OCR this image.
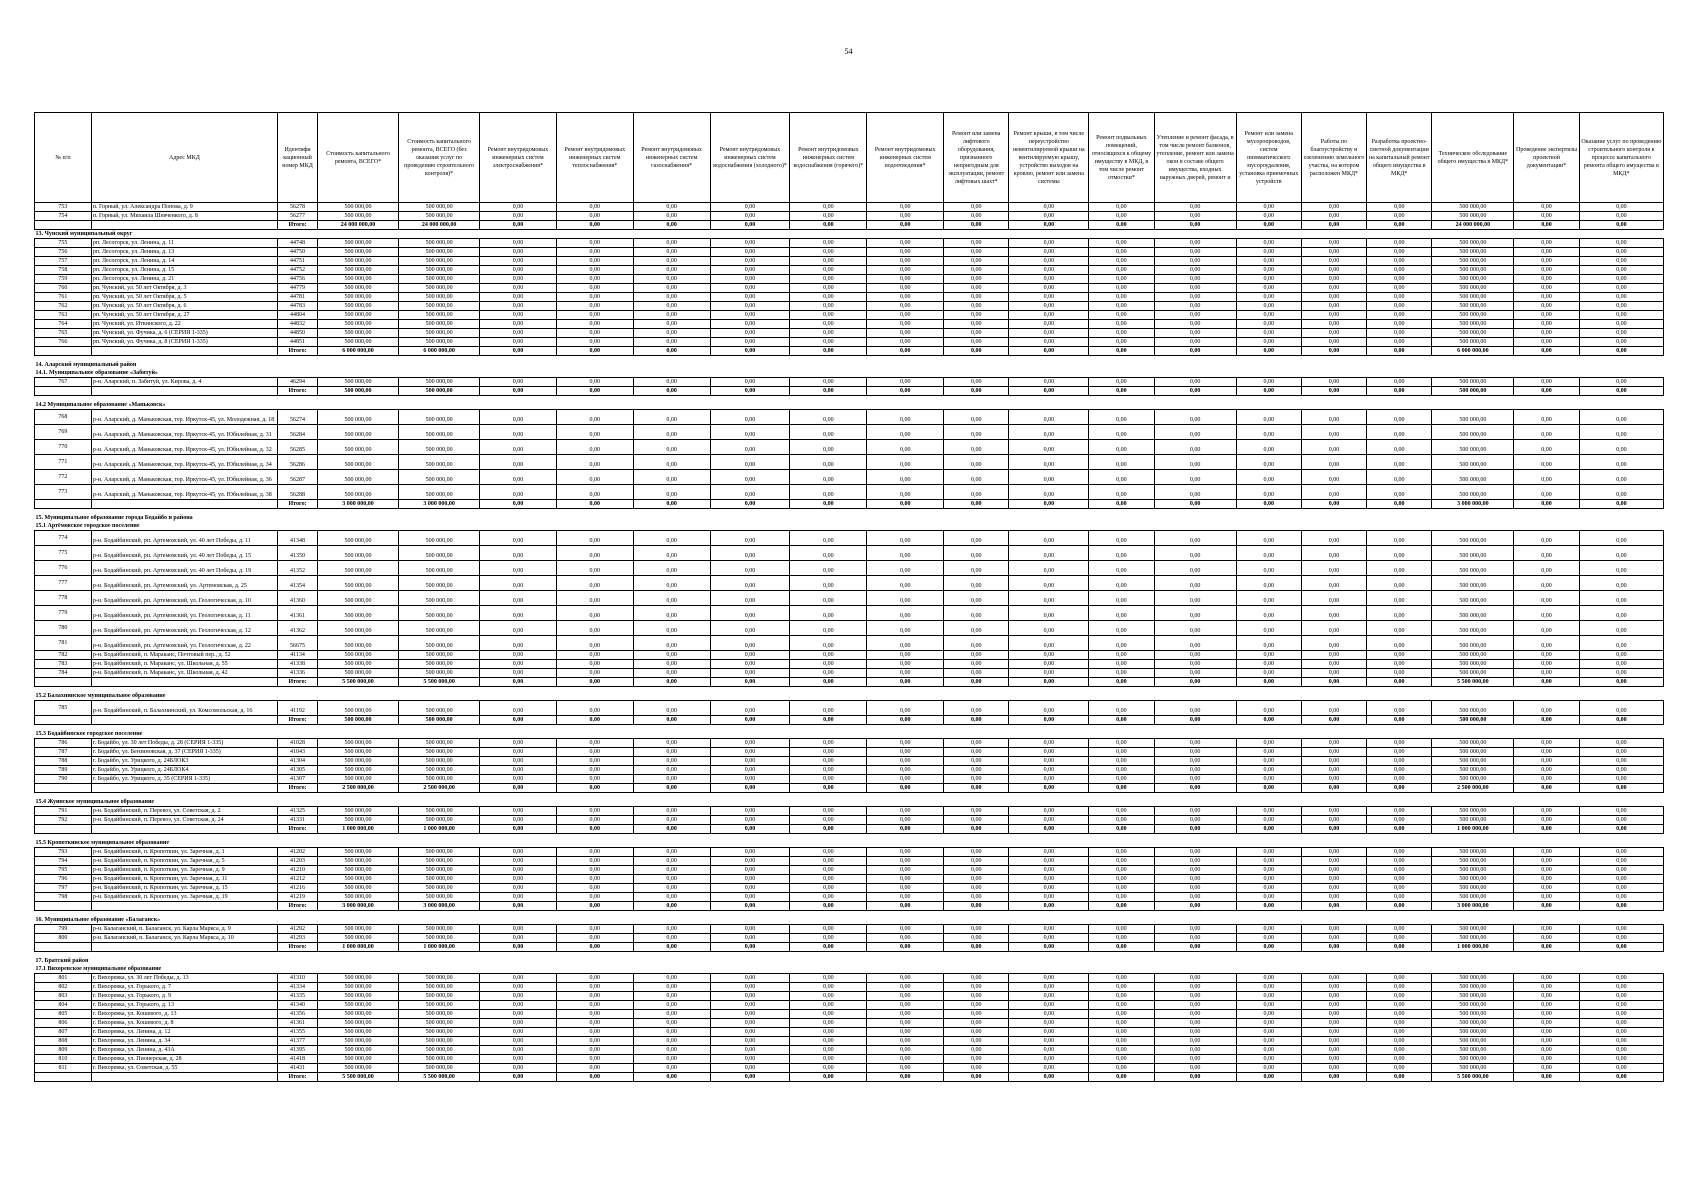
54
№ п/п	Адрес МКД	Идентифи кационный номер МКД	Стоимость капитального ремонта, ВСЕГО*	Стоимость капитального ремонта, ВСЕГО (без оказания услуг по проведению строительного контроля)*	Ремонт внутридомовых инженерных систем электроснабжения*	Ремонт внутридомовых инженерных систем теплоснабжения*	Ремонт внутридомовых инженерных систем газоснабжения*	Ремонт внутридомовых инженерных систем водоснабжения (холодного)*	Ремонт внутридомовых инженерных систем водоснабжения (горячего)*	Ремонт внутридомовых инженерных систем водоотведения*	Ремонт или замена лифтового оборудования, признанного непригодным для эксплуатации, ремонт лифтовых шахт*	Ремонт крыши, в том числе переустройство невентилируемой крыши на вентилируемую крышу, устройство выходов на кровлю, ремонт или замена системы	Ремонт подвальных помещений, относящихся к общему имуществу в МКД, в том числе ремонт отмостки*	Утепление и ремонт фасада, в том числе ремонт балконов, утепление, ремонт или замена окон в составе общего имущества, входных наружных дверей, ремонт и	Ремонт или замена мусоропроводов, систем пневматического мусороудаления, установка приемочных устройств	Работы по благоустройству и озеленению земельного участка, на котором расположен МКД*	Разработка проектно-сметной документации на капитальный ремонт общего имущества в МКД*	Техническое обследование общего имущества в МКД*	Проведение экспертизы проектной документации*	Оказание услуг по проведению строительного контроля в процессе капитального ремонта общего имущества в МКД*
753	п. Горный, ул. Александра Попова, д. 9	56278	500 000,00	500 000,00	0,00	0,00	0,00	0,00	0,00	0,00	0,00	0,00	0,00	0,00	0,00	0,00	0,00	500 000,00	0,00	0,00
754	п. Горный, ул. Михаила Шевченкого, д. 8	56277	500 000,00	500 000,00	0,00	0,00	0,00	0,00	0,00	0,00	0,00	0,00	0,00	0,00	0,00	0,00	0,00	500 000,00	0,00	0,00
		Итого:	24 000 000,00	24 000 000,00	0,00	0,00	0,00	0,00	0,00	0,00	0,00	0,00	0,00	0,00	0,00	0,00	0,00	24 000 000,00	0,00	0,00
13. Чунский муниципальный округ																				
755	рп. Лесогорск, ул. Ленина, д. 11	44748	500 000,00	500 000,00	0,00	0,00	0,00	0,00	0,00	0,00	0,00	0,00	0,00	0,00	0,00	0,00	0,00	500 000,00	0,00	0,00
756	рп. Лесогорск, ул. Ленина, д. 13	44750	500 000,00	500 000,00	0,00	0,00	0,00	0,00	0,00	0,00	0,00	0,00	0,00	0,00	0,00	0,00	0,00	500 000,00	0,00	0,00
757	рп. Лесогорск, ул. Ленина, д. 14	44751	500 000,00	500 000,00	0,00	0,00	0,00	0,00	0,00	0,00	0,00	0,00	0,00	0,00	0,00	0,00	0,00	500 000,00	0,00	0,00
758	рп. Лесогорск, ул. Ленина, д. 15	44752	500 000,00	500 000,00	0,00	0,00	0,00	0,00	0,00	0,00	0,00	0,00	0,00	0,00	0,00	0,00	0,00	500 000,00	0,00	0,00
759	рп. Лесогорск, ул. Ленина, д. 21	44756	500 000,00	500 000,00	0,00	0,00	0,00	0,00	0,00	0,00	0,00	0,00	0,00	0,00	0,00	0,00	0,00	500 000,00	0,00	0,00
760	рп. Чунский, ул. 50 лет Октября, д. 3	44779	500 000,00	500 000,00	0,00	0,00	0,00	0,00	0,00	0,00	0,00	0,00	0,00	0,00	0,00	0,00	0,00	500 000,00	0,00	0,00
761	рп. Чунский, ул. 50 лет Октября, д. 5	44781	500 000,00	500 000,00	0,00	0,00	0,00	0,00	0,00	0,00	0,00	0,00	0,00	0,00	0,00	0,00	0,00	500 000,00	0,00	0,00
762	рп. Чунский, ул. 50 лет Октября, д. 6	44783	500 000,00	500 000,00	0,00	0,00	0,00	0,00	0,00	0,00	0,00	0,00	0,00	0,00	0,00	0,00	0,00	500 000,00	0,00	0,00
763	рп. Чунский, ул. 50 лет Октября, д. 27	44804	500 000,00	500 000,00	0,00	0,00	0,00	0,00	0,00	0,00	0,00	0,00	0,00	0,00	0,00	0,00	0,00	500 000,00	0,00	0,00
764	рп. Чунский, ул. Иткинского, д. 22	44832	500 000,00	500 000,00	0,00	0,00	0,00	0,00	0,00	0,00	0,00	0,00	0,00	0,00	0,00	0,00	0,00	500 000,00	0,00	0,00
765	рп. Чунский, ул. Фучика, д. 6 (СЕРИЯ 1-335)	44850	500 000,00	500 000,00	0,00	0,00	0,00	0,00	0,00	0,00	0,00	0,00	0,00	0,00	0,00	0,00	0,00	500 000,00	0,00	0,00
766	рп. Чунский, ул. Фучика, д. 8 (СЕРИЯ 1-335)	44851	500 000,00	500 000,00	0,00	0,00	0,00	0,00	0,00	0,00	0,00	0,00	0,00	0,00	0,00	0,00	0,00	500 000,00	0,00	0,00
		Итого:	6 000 000,00	6 000 000,00	0,00	0,00	0,00	0,00	0,00	0,00	0,00	0,00	0,00	0,00	0,00	0,00	0,00	6 000 000,00	0,00	0,00

14. Аларский муниципальный район																				
14.1. Муниципальное образование «Забитуй»																				
767	р-н. Аларский, п. Забитуй, ул. Кирова, д. 4	46294	500 000,00	500 000,00	0,00	0,00	0,00	0,00	0,00	0,00	0,00	0,00	0,00	0,00	0,00	0,00	0,00	500 000,00	0,00	0,00
		Итого:	500 000,00	500 000,00	0,00	0,00	0,00	0,00	0,00	0,00	0,00	0,00	0,00	0,00	0,00	0,00	0,00	500 000,00	0,00	0,00

14.2 Муниципальное образование «Маньковск»																				
768	р-н. Аларский, д. Маньковская, тер. Иркутск-45, ул. Молодежная, д. 18	56274	500 000,00	500 000,00	0,00	0,00	0,00	0,00	0,00	0,00	0,00	0,00	0,00	0,00	0,00	0,00	0,00	500 000,00	0,00	0,00
769	р-н. Аларский, д. Маньковская, тер. Иркутск-45, ул. Юбилейная, д. 31	56284	500 000,00	500 000,00	0,00	0,00	0,00	0,00	0,00	0,00	0,00	0,00	0,00	0,00	0,00	0,00	0,00	500 000,00	0,00	0,00
770	р-н. Аларский, д. Маньковская, тер. Иркутск-45, ул. Юбилейная, д. 32	56285	500 000,00	500 000,00	0,00	0,00	0,00	0,00	0,00	0,00	0,00	0,00	0,00	0,00	0,00	0,00	0,00	500 000,00	0,00	0,00
771	р-н. Аларский, д. Маньковская, тер. Иркутск-45, ул. Юбилейная, д. 34	56286	500 000,00	500 000,00	0,00	0,00	0,00	0,00	0,00	0,00	0,00	0,00	0,00	0,00	0,00	0,00	0,00	500 000,00	0,00	0,00
772	р-н. Аларский, д. Маньковская, тер. Иркутск-45, ул. Юбилейная, д. 36	56287	500 000,00	500 000,00	0,00	0,00	0,00	0,00	0,00	0,00	0,00	0,00	0,00	0,00	0,00	0,00	0,00	500 000,00	0,00	0,00
773	р-н. Аларский, д. Маньковская, тер. Иркутск-45, ул. Юбилейная, д. 38	56288	500 000,00	500 000,00	0,00	0,00	0,00	0,00	0,00	0,00	0,00	0,00	0,00	0,00	0,00	0,00	0,00	500 000,00	0,00	0,00
		Итого:	3 000 000,00	3 000 000,00	0,00	0,00	0,00	0,00	0,00	0,00	0,00	0,00	0,00	0,00	0,00	0,00	0,00	3 000 000,00	0,00	0,00

15. Муниципальное образование города Бодайбо и района																				
15.1 Артёмовское городское поселение																				
774	р-н. Бодайбинский, рп. Артемовский, ул. 40 лет Победы, д. 11	41348	500 000,00	500 000,00	0,00	0,00	0,00	0,00	0,00	0,00	0,00	0,00	0,00	0,00	0,00	0,00	0,00	500 000,00	0,00	0,00
775	р-н. Бодайбинский, рп. Артемовский, ул. 40 лет Победы, д. 15	41350	500 000,00	500 000,00	0,00	0,00	0,00	0,00	0,00	0,00	0,00	0,00	0,00	0,00	0,00	0,00	0,00	500 000,00	0,00	0,00
776	р-н. Бодайбинский, рп. Артемовский, ул. 40 лет Победы, д. 19	41352	500 000,00	500 000,00	0,00	0,00	0,00	0,00	0,00	0,00	0,00	0,00	0,00	0,00	0,00	0,00	0,00	500 000,00	0,00	0,00
777	р-н. Бодайбинский, рп. Артемовский, ул. Артемовская, д. 25	41354	500 000,00	500 000,00	0,00	0,00	0,00	0,00	0,00	0,00	0,00	0,00	0,00	0,00	0,00	0,00	0,00	500 000,00	0,00	0,00
778	р-н. Бодайбинский, рп. Артемовский, ул. Геологическая, д. 10	41360	500 000,00	500 000,00	0,00	0,00	0,00	0,00	0,00	0,00	0,00	0,00	0,00	0,00	0,00	0,00	0,00	500 000,00	0,00	0,00
779	р-н. Бодайбинский, рп. Артемовский, ул. Геологическая, д. 11	41361	500 000,00	500 000,00	0,00	0,00	0,00	0,00	0,00	0,00	0,00	0,00	0,00	0,00	0,00	0,00	0,00	500 000,00	0,00	0,00
780	р-н. Бодайбинский, рп. Артемовский, ул. Геологическая, д. 12	41362	500 000,00	500 000,00	0,00	0,00	0,00	0,00	0,00	0,00	0,00	0,00	0,00	0,00	0,00	0,00	0,00	500 000,00	0,00	0,00
781	р-н. Бодайбинский, рп. Артемовский, ул. Геологическая, д. 22	56675	500 000,00	500 000,00	0,00	0,00	0,00	0,00	0,00	0,00	0,00	0,00	0,00	0,00	0,00	0,00	0,00	500 000,00	0,00	0,00
782	р-н. Бодайбинский, п. Мараканс, Почтовый пер., д. 52	41134	500 000,00	500 000,00	0,00	0,00	0,00	0,00	0,00	0,00	0,00	0,00	0,00	0,00	0,00	0,00	0,00	500 000,00	0,00	0,00
783	р-н. Бодайбинский, п. Мараканс, ул. Школьная, д. 55	41338	500 000,00	500 000,00	0,00	0,00	0,00	0,00	0,00	0,00	0,00	0,00	0,00	0,00	0,00	0,00	0,00	500 000,00	0,00	0,00
784	р-н. Бодайбинский, п. Мараканс, ул. Школьная, д. 42	41336	500 000,00	500 000,00	0,00	0,00	0,00	0,00	0,00	0,00	0,00	0,00	0,00	0,00	0,00	0,00	0,00	500 000,00	0,00	0,00
		Итого:	5 500 000,00	5 500 000,00	0,00	0,00	0,00	0,00	0,00	0,00	0,00	0,00	0,00	0,00	0,00	0,00	0,00	5 500 000,00	0,00	0,00

15.2 Балахнинское муниципальное образование																				
785	р-н. Бодайбинский, п. Балахнинский, ул. Комсомольская, д. 16	41192	500 000,00	500 000,00	0,00	0,00	0,00	0,00	0,00	0,00	0,00	0,00	0,00	0,00	0,00	0,00	0,00	500 000,00	0,00	0,00
		Итого:	500 000,00	500 000,00	0,00	0,00	0,00	0,00	0,00	0,00	0,00	0,00	0,00	0,00	0,00	0,00	0,00	500 000,00	0,00	0,00

15.3 Бодайбинское городское поселение																				
786	г. Бодайбо, ул. 30 лет Победы, д. 28 (СЕРИЯ 1-335)	41028	500 000,00	500 000,00	0,00	0,00	0,00	0,00	0,00	0,00	0,00	0,00	0,00	0,00	0,00	0,00	0,00	500 000,00	0,00	0,00
787	г. Бодайбо, ул. Бензиновская, д. 37 (СЕРИЯ 1-335)	41043	500 000,00	500 000,00	0,00	0,00	0,00	0,00	0,00	0,00	0,00	0,00	0,00	0,00	0,00	0,00	0,00	500 000,00	0,00	0,00
788	г. Бодайбо, ул. Урицкого, д. 24БЛОК3	41304	500 000,00	500 000,00	0,00	0,00	0,00	0,00	0,00	0,00	0,00	0,00	0,00	0,00	0,00	0,00	0,00	500 000,00	0,00	0,00
789	г. Бодайбо, ул. Урицкого, д. 24БЛОК4	41305	500 000,00	500 000,00	0,00	0,00	0,00	0,00	0,00	0,00	0,00	0,00	0,00	0,00	0,00	0,00	0,00	500 000,00	0,00	0,00
790	г. Бодайбо, ул. Урицкого, д. 35 (СЕРИЯ 1-335)	41307	500 000,00	500 000,00	0,00	0,00	0,00	0,00	0,00	0,00	0,00	0,00	0,00	0,00	0,00	0,00	0,00	500 000,00	0,00	0,00
		Итого:	2 500 000,00	2 500 000,00	0,00	0,00	0,00	0,00	0,00	0,00	0,00	0,00	0,00	0,00	0,00	0,00	0,00	2 500 000,00	0,00	0,00

15.4 Жуинское муниципальное образование																				
791	р-н. Бодайбинский, п. Перевоз, ул. Советская, д. 2	41325	500 000,00	500 000,00	0,00	0,00	0,00	0,00	0,00	0,00	0,00	0,00	0,00	0,00	0,00	0,00	0,00	500 000,00	0,00	0,00
792	р-н. Бодайбинский, п. Перевоз, ул. Советская, д. 24	41331	500 000,00	500 000,00	0,00	0,00	0,00	0,00	0,00	0,00	0,00	0,00	0,00	0,00	0,00	0,00	0,00	500 000,00	0,00	0,00
		Итого:	1 000 000,00	1 000 000,00	0,00	0,00	0,00	0,00	0,00	0,00	0,00	0,00	0,00	0,00	0,00	0,00	0,00	1 000 000,00	0,00	0,00

15.5 Кропоткинское муниципальное образование																				
793	р-н. Бодайбинский, п. Кропоткин, ул. Заречная, д. 1	41202	500 000,00	500 000,00	0,00	0,00	0,00	0,00	0,00	0,00	0,00	0,00	0,00	0,00	0,00	0,00	0,00	500 000,00	0,00	0,00
794	р-н. Бодайбинский, п. Кропоткин, ул. Заречная, д. 5	41203	500 000,00	500 000,00	0,00	0,00	0,00	0,00	0,00	0,00	0,00	0,00	0,00	0,00	0,00	0,00	0,00	500 000,00	0,00	0,00
795	р-н. Бодайбинский, п. Кропоткин, ул. Заречная, д. 9	41210	500 000,00	500 000,00	0,00	0,00	0,00	0,00	0,00	0,00	0,00	0,00	0,00	0,00	0,00	0,00	0,00	500 000,00	0,00	0,00
796	р-н. Бодайбинский, п. Кропоткин, ул. Заречная, д. 11	41212	500 000,00	500 000,00	0,00	0,00	0,00	0,00	0,00	0,00	0,00	0,00	0,00	0,00	0,00	0,00	0,00	500 000,00	0,00	0,00
797	р-н. Бодайбинский, п. Кропоткин, ул. Заречная, д. 15	41216	500 000,00	500 000,00	0,00	0,00	0,00	0,00	0,00	0,00	0,00	0,00	0,00	0,00	0,00	0,00	0,00	500 000,00	0,00	0,00
798	р-н. Бодайбинский, п. Кропоткин, ул. Заречная, д. 19	41219	500 000,00	500 000,00	0,00	0,00	0,00	0,00	0,00	0,00	0,00	0,00	0,00	0,00	0,00	0,00	0,00	500 000,00	0,00	0,00
		Итого:	3 000 000,00	3 000 000,00	0,00	0,00	0,00	0,00	0,00	0,00	0,00	0,00	0,00	0,00	0,00	0,00	0,00	3 000 000,00	0,00	0,00

16. Муниципальное образование «Балаганск»																				
799	р-н. Балаганский, п. Балаганск, ул. Карла Маркса, д. 9	41292	500 000,00	500 000,00	0,00	0,00	0,00	0,00	0,00	0,00	0,00	0,00	0,00	0,00	0,00	0,00	0,00	500 000,00	0,00	0,00
800	р-н. Балаганский, п. Балаганск, ул. Карла Маркса, д. 10	41293	500 000,00	500 000,00	0,00	0,00	0,00	0,00	0,00	0,00	0,00	0,00	0,00	0,00	0,00	0,00	0,00	500 000,00	0,00	0,00
		Итого:	1 000 000,00	1 000 000,00	0,00	0,00	0,00	0,00	0,00	0,00	0,00	0,00	0,00	0,00	0,00	0,00	0,00	1 000 000,00	0,00	0,00

17. Братский район																				
17.1 Вихоревское муниципальное образование																				
801	г. Вихоревка, ул. 30 лет Победы, д. 13	41310	500 000,00	500 000,00	0,00	0,00	0,00	0,00	0,00	0,00	0,00	0,00	0,00	0,00	0,00	0,00	0,00	500 000,00	0,00	0,00
802	г. Вихоревка, ул. Горького, д. 7	41334	500 000,00	500 000,00	0,00	0,00	0,00	0,00	0,00	0,00	0,00	0,00	0,00	0,00	0,00	0,00	0,00	500 000,00	0,00	0,00
803	г. Вихоревка, ул. Горького, д. 9	41335	500 000,00	500 000,00	0,00	0,00	0,00	0,00	0,00	0,00	0,00	0,00	0,00	0,00	0,00	0,00	0,00	500 000,00	0,00	0,00
804	г. Вихоревка, ул. Горького, д. 13	41340	500 000,00	500 000,00	0,00	0,00	0,00	0,00	0,00	0,00	0,00	0,00	0,00	0,00	0,00	0,00	0,00	500 000,00	0,00	0,00
805	г. Вихоревка, ул. Кошевого, д. 13	41356	500 000,00	500 000,00	0,00	0,00	0,00	0,00	0,00	0,00	0,00	0,00	0,00	0,00	0,00	0,00	0,00	500 000,00	0,00	0,00
806	г. Вихоревка, ул. Кошевого, д. 8	41361	500 000,00	500 000,00	0,00	0,00	0,00	0,00	0,00	0,00	0,00	0,00	0,00	0,00	0,00	0,00	0,00	500 000,00	0,00	0,00
807	г. Вихоревка, ул. Ленина, д. 12	41355	500 000,00	500 000,00	0,00	0,00	0,00	0,00	0,00	0,00	0,00	0,00	0,00	0,00	0,00	0,00	0,00	500 000,00	0,00	0,00
808	г. Вихоревка, ул. Ленина, д. 34	41377	500 000,00	500 000,00	0,00	0,00	0,00	0,00	0,00	0,00	0,00	0,00	0,00	0,00	0,00	0,00	0,00	500 000,00	0,00	0,00
809	г. Вихоревка, ул. Ленина, д. 43А	41395	500 000,00	500 000,00	0,00	0,00	0,00	0,00	0,00	0,00	0,00	0,00	0,00	0,00	0,00	0,00	0,00	500 000,00	0,00	0,00
810	г. Вихоревка, ул. Пионерская, д. 28	41418	500 000,00	500 000,00	0,00	0,00	0,00	0,00	0,00	0,00	0,00	0,00	0,00	0,00	0,00	0,00	0,00	500 000,00	0,00	0,00
811	г. Вихоревка, ул. Советская, д. 55	41431	500 000,00	500 000,00	0,00	0,00	0,00	0,00	0,00	0,00	0,00	0,00	0,00	0,00	0,00	0,00	0,00	500 000,00	0,00	0,00
		Итого:	5 500 000,00	5 500 000,00	0,00	0,00	0,00	0,00	0,00	0,00	0,00	0,00	0,00	0,00	0,00	0,00	0,00	5 500 000,00	0,00	0,00
